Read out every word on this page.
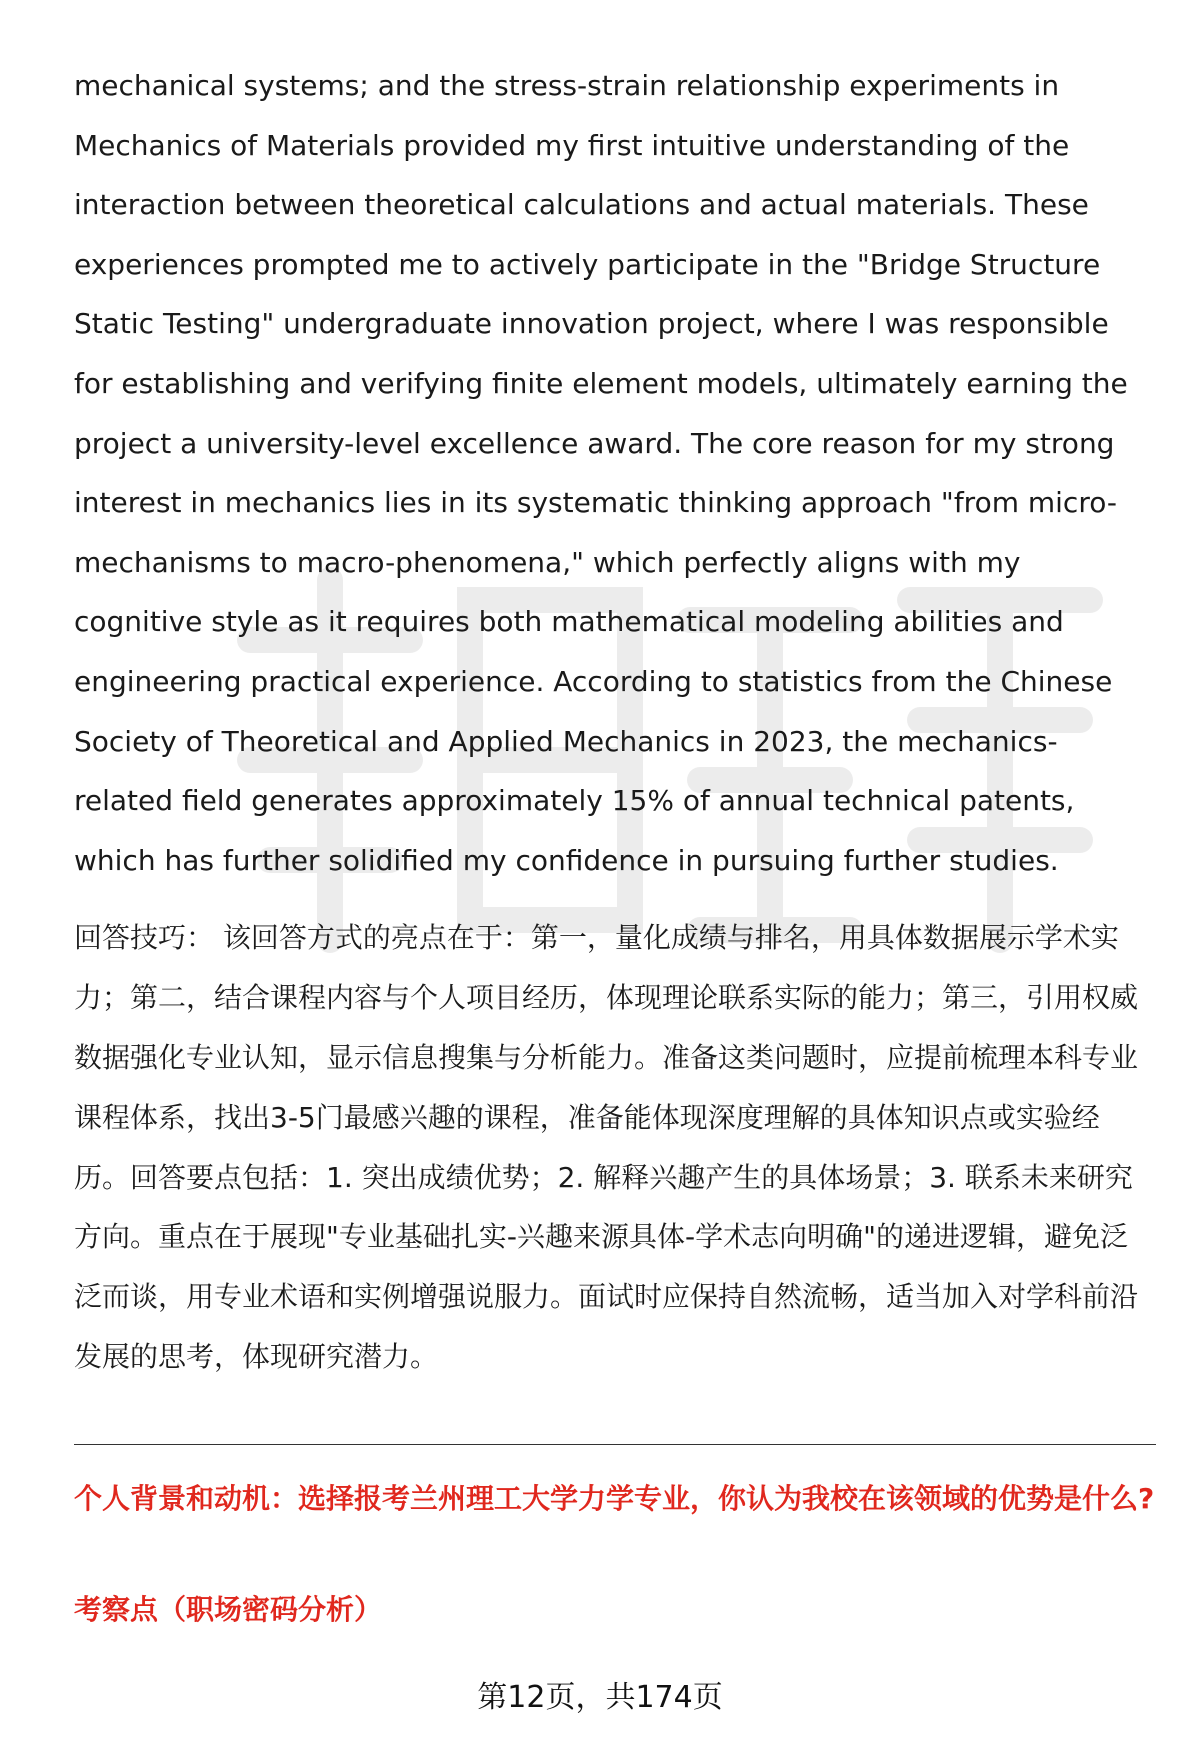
mechanical systems; and the stress-strain relationship experiments in Mechanics of Materials provided my first intuitive understanding of the interaction between theoretical calculations and actual materials. These experiences prompted me to actively participate in the "Bridge Structure Static Testing" undergraduate innovation project, where I was responsible for establishing and verifying finite element models, ultimately earning the project a university-level excellence award. The core reason for my strong interest in mechanics lies in its systematic thinking approach "from micro-mechanisms to macro-phenomena," which perfectly aligns with my cognitive style as it requires both mathematical modeling abilities and engineering practical experience. According to statistics from the Chinese Society of Theoretical and Applied Mechanics in 2023, the mechanics-related field generates approximately 15% of annual technical patents, which has further solidified my confidence in pursuing further studies.

回答技巧： 该回答方式的亮点在于：第一，量化成绩与排名，用具体数据展示学术实力；第二，结合课程内容与个人项目经历，体现理论联系实际的能力；第三，引用权威数据强化专业认知，显示信息搜集与分析能力。准备这类问题时，应提前梳理本科专业课程体系，找出3-5门最感兴趣的课程，准备能体现深度理解的具体知识点或实验经历。回答要点包括：1. 突出成绩优势；2. 解释兴趣产生的具体场景；3. 联系未来研究方向。重点在于展现"专业基础扎实-兴趣来源具体-学术志向明确"的递进逻辑，避免泛泛而谈，用专业术语和实例增强说服力。面试时应保持自然流畅，适当加入对学科前沿发展的思考，体现研究潜力。

个人背景和动机：选择报考兰州理工大学力学专业，你认为我校在该领域的优势是什么?

考察点（职场密码分析）

第12页，共174页
